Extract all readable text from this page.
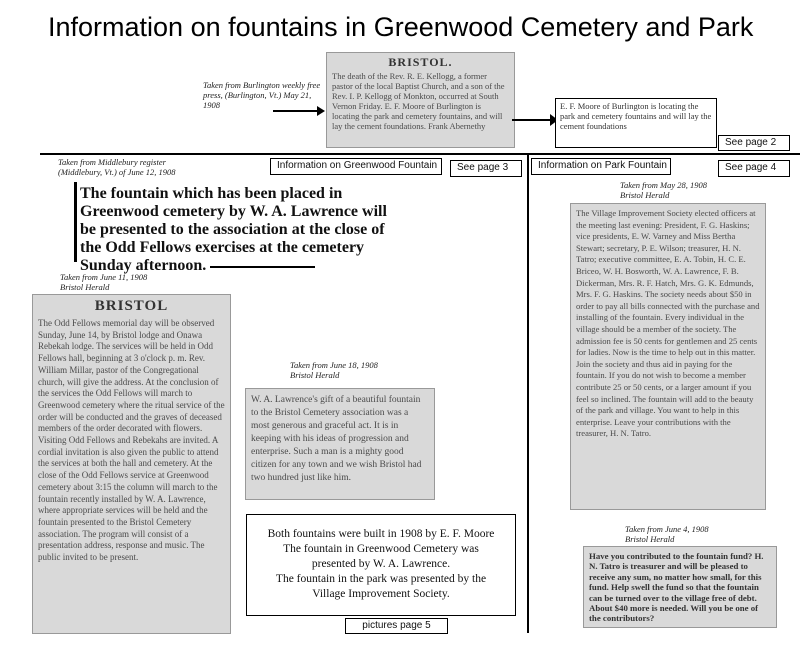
Information on fountains in Greenwood Cemetery and Park
Taken from Burlington weekly free press, (Burlington, Vt.) May 21, 1908
BRISTOL.
The death of the Rev. R. E. Kellogg, a former pastor of the local Baptist Church, and a son of the Rev. I. P. Kellogg of Monkton, occurred at South Vernon Friday. E. F. Moore of Burlington is locating the park and cemetery fountains, and will lay the cement foundations. Frank Abernethy
E. F. Moore of Burlington is locating the park and cemetery fountains and will lay the cement foundations
See page 2
Taken from Middlebury register (Middlebury, Vt.) of June 12, 1908
Information on Greenwood Fountain	See page 3
The fountain which has been placed in Greenwood cemetery by W. A. Lawrence will be presented to the association at the close of the Odd Fellows exercises at the cemetery Sunday afternoon.
Taken from June 11, 1908 Bristol Herald
BRISTOL
The Odd Fellows memorial day will be observed Sunday, June 14, by Bristol lodge and Onawa Rebekah lodge. The services will be held in Odd Fellows hall, beginning at 3 o'clock p. m. Rev. William Millar, pastor of the Congregational church, will give the address. At the conclusion of the services the Odd Fellows will march to Greenwood cemetery where the ritual service of the order will be conducted and the graves of deceased members of the order decorated with flowers. Visiting Odd Fellows and Rebekahs are invited. A cordial invitation is also given the public to attend the services at both the hall and cemetery. At the close of the Odd Fellows service at Greenwood cemetery about 3:15 the column will march to the fountain recently installed by W. A. Lawrence, where appropriate services will be held and the fountain presented to the Bristol Cemetery association. The program will consist of a presentation address, response and music. The public invited to be present.
Taken from June 18, 1908 Bristol Herald
W. A. Lawrence's gift of a beautiful fountain to the Bristol Cemetery association was a most generous and graceful act. It is in keeping with his ideas of progression and enterprise. Such a man is a mighty good citizen for any town and we wish Bristol had two hundred just like him.
Both fountains were built in 1908 by E. F. Moore
The fountain in Greenwood Cemetery was
presented by W. A. Lawrence.
The fountain in the park was presented by the
Village Improvement Society.
pictures page 5
Information on Park Fountain	See page 4
Taken from May 28, 1908 Bristol Herald
The Village Improvement Society elected officers at the meeting last evening: President, F. G. Haskins; vice presidents, E. W. Varney and Miss Bertha Stewart; secretary, P. E. Wilson; treasurer, H. N. Tatro; executive committee, E. A. Tobin, H. C. E. Briceo, W. H. Bosworth, W. A. Lawrence, F. B. Dickerman, Mrs. R. F. Hatch, Mrs. G. K. Edmunds, Mrs. F. G. Haskins. The society needs about $50 in order to pay all bills connected with the purchase and installing of the fountain. Every individual in the village should be a member of the society. The admission fee is 50 cents for gentlemen and 25 cents for ladies. Now is the time to help out in this matter. Join the society and thus aid in paying for the fountain. If you do not wish to become a member contribute 25 or 50 cents, or a larger amount if you feel so inclined. The fountain will add to the beauty of the park and village. You want to help in this enterprise. Leave your contributions with the treasurer, H. N. Tatro.
Taken from June 4, 1908 Bristol Herald
Have you contributed to the fountain fund? H. N. Tatro is treasurer and will be pleased to receive any sum, no matter how small, for this fund. Help swell the fund so that the fountain can be turned over to the village free of debt. About $40 more is needed. Will you be one of the contributors?
